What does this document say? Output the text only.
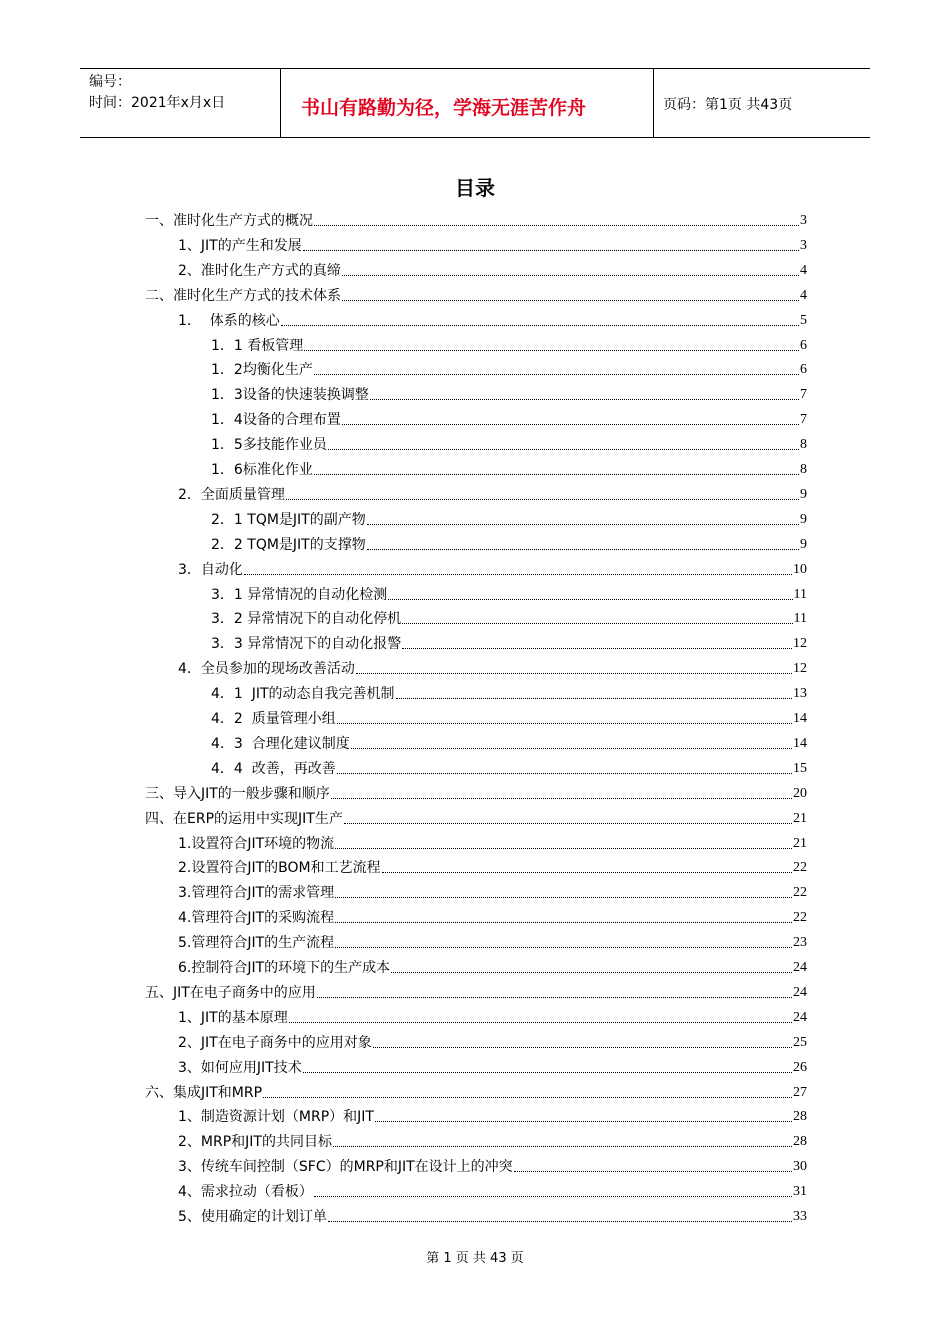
编号：
时间：2021年x月x日	书山有路勤为径，学海无涯苦作舟	页码：第1页 共43页
目录
一、准时化生产方式的概况	3
1、JIT的产生和发展	3
2、准时化生产方式的真缔	4
二、准时化生产方式的技术体系	4
1．  体系的核心	5
1．1 看板管理	6
1．2均衡化生产	6
1．3设备的快速装换调整	7
1．4设备的合理布置	7
1．5多技能作业员	8
1．6标准化作业	8
2．全面质量管理	9
2．1 TQM是JIT的副产物	9
2．2 TQM是JIT的支撑物	9
3．自动化	10
3．1 异常情况的自动化检测	11
3．2 异常情况下的自动化停机	11
3．3 异常情况下的自动化报警	12
4．全员参加的现场改善活动	12
4．1  JIT的动态自我完善机制	13
4．2  质量管理小组	14
4．3  合理化建议制度	14
4．4  改善，再改善	15
三、导入JIT的一般步骤和顺序	20
四、在ERP的运用中实现JIT生产	21
1.设置符合JIT环境的物流	21
2.设置符合JIT的BOM和工艺流程	22
3.管理符合JIT的需求管理	22
4.管理符合JIT的采购流程	22
5.管理符合JIT的生产流程	23
6.控制符合JIT的环境下的生产成本	24
五、JIT在电子商务中的应用	24
1、JIT的基本原理	24
2、JIT在电子商务中的应用对象	25
3、如何应用JIT技术	26
六、集成JIT和MRP	27
1、制造资源计划（MRP）和JIT	28
2、MRP和JIT的共同目标	28
3、传统车间控制（SFC）的MRP和JIT在设计上的冲突	30
4、需求拉动（看板）	31
5、使用确定的计划订单	33
第 1 页 共 43 页
